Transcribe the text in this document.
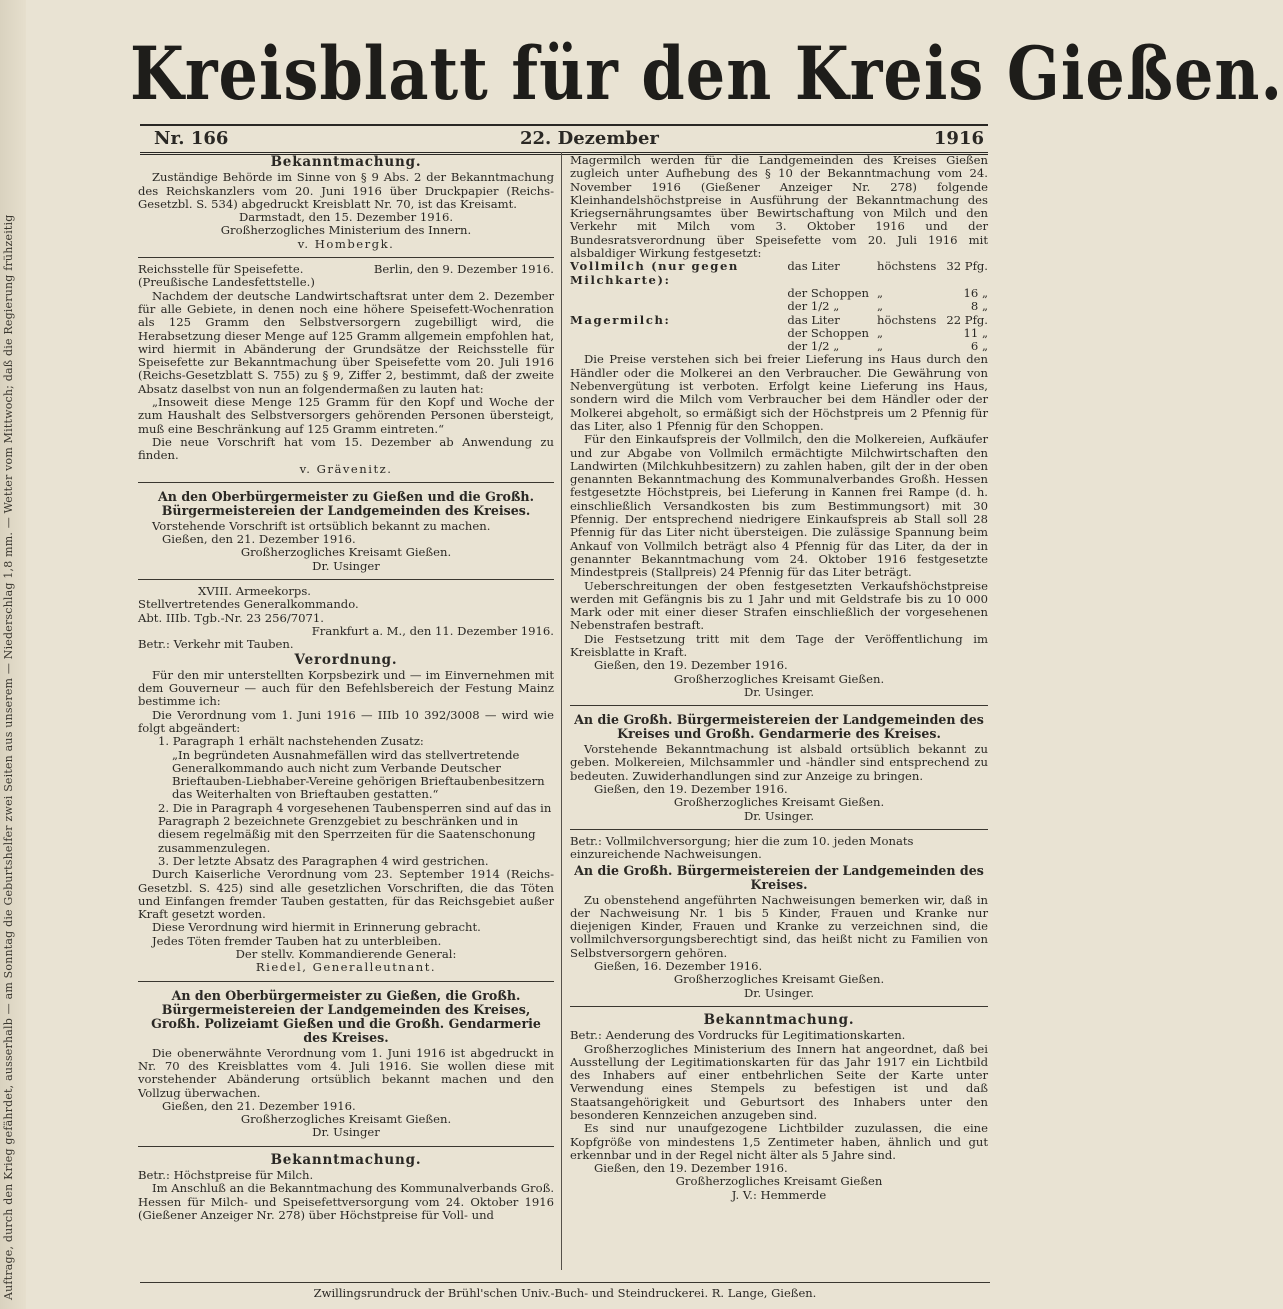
Auftrage, durch den Krieg gefährdet, ausserhalb — am Sonntag die Geburtshelfer zwei Seiten aus unserem — Niederschlag 1,8 mm. — Wetter vom Mittwoch; daß die Regierung frühzeitig
Kreisblatt für den Kreis Gießen.
Nr. 166	22. Dezember	1916
Bekanntmachung.

Zuständige Behörde im Sinne von § 9 Abs. 2 der Bekanntmachung des Reichskanzlers vom 20. Juni 1916 über Druckpapier (Reichs-Gesetzbl. S. 534) abgedruckt Kreisblatt Nr. 70, ist das Kreisamt.

Darmstadt, den 15. Dezember 1916.
Großherzogliches Ministerium des Innern.
v. Hombergk.
Reichsstelle für Speisefette.	Berlin, den 9. Dezember 1916.
(Preußische Landesfettstelle.)

Nachdem der deutsche Landwirtschaftsrat unter dem 2. Dezember für alle Gebiete, in denen noch eine höhere Speisefett-Wochenration als 125 Gramm den Selbstversorgern zugebilligt wird, die Herabsetzung dieser Menge auf 125 Gramm allgemein empfohlen hat, wird hiermit in Abänderung der Grundsätze der Reichsstelle für Speisefette zur Bekanntmachung über Speisefette vom 20. Juli 1916 (Reichs-Gesetzblatt S. 755) zu § 9, Ziffer 2, bestimmt, daß der zweite Absatz daselbst von nun an folgendermaßen zu lauten hat:

„Insoweit diese Menge 125 Gramm für den Kopf und Woche der zum Haushalt des Selbstversorgers gehörenden Personen übersteigt, muß eine Beschränkung auf 125 Gramm eintreten.“

Die neue Vorschrift hat vom 15. Dezember ab Anwendung zu finden.

v. Grävenitz.
An den Oberbürgermeister zu Gießen und die Großh. Bürgermeistereien der Landgemeinden des Kreises.

Vorstehende Vorschrift ist ortsüblich bekannt zu machen.

Gießen, den 21. Dezember 1916.
Großherzogliches Kreisamt Gießen.
Dr. Usinger
XVIII. Armeekorps.
Stellvertretendes Generalkommando.
Abt. IIIb. Tgb.-Nr. 23 256/7071.
Frankfurt a. M., den 11. Dezember 1916.
Betr.: Verkehr mit Tauben.
Verordnung.

Für den mir unterstellten Korpsbezirk und — im Einvernehmen mit dem Gouverneur — auch für den Befehlsbereich der Festung Mainz bestimme ich:

Die Verordnung vom 1. Juni 1916 — IIIb 10 392/3008 — wird wie folgt abgeändert:

1. Paragraph 1 erhält nachstehenden Zusatz:

„In begründeten Ausnahmefällen wird das stellvertretende Generalkommando auch nicht zum Verbande Deutscher Brieftauben-Liebhaber-Vereine gehörigen Brieftaubenbesitzern das Weiterhalten von Brieftauben gestatten.“

2. Die in Paragraph 4 vorgesehenen Taubensperren sind auf das in Paragraph 2 bezeichnete Grenzgebiet zu beschränken und in diesem regelmäßig mit den Sperrzeiten für die Saatenschonung zusammenzulegen.

3. Der letzte Absatz des Paragraphen 4 wird gestrichen.

Durch Kaiserliche Verordnung vom 23. September 1914 (Reichs-Gesetzbl. S. 425) sind alle gesetzlichen Vorschriften, die das Töten und Einfangen fremder Tauben gestatten, für das Reichsgebiet außer Kraft gesetzt worden.

Diese Verordnung wird hiermit in Erinnerung gebracht.

Jedes Töten fremder Tauben hat zu unterbleiben.

Der stellv. Kommandierende General:
Riedel, Generalleutnant.
An den Oberbürgermeister zu Gießen, die Großh. Bürgermeistereien der Landgemeinden des Kreises, Großh. Polizeiamt Gießen und die Großh. Gendarmerie des Kreises.

Die obenerwähnte Verordnung vom 1. Juni 1916 ist abgedruckt in Nr. 70 des Kreisblattes vom 4. Juli 1916. Sie wollen diese mit vorstehender Abänderung ortsüblich bekannt machen und den Vollzug überwachen.

Gießen, den 21. Dezember 1916.
Großherzogliches Kreisamt Gießen.
Dr. Usinger
Bekanntmachung.
Betr.: Höchstpreise für Milch.

Im Anschluß an die Bekanntmachung des Kommunalverbands Groß. Hessen für Milch- und Speisefettversorgung vom 24. Oktober 1916 (Gießener Anzeiger Nr. 278) über Höchstpreise für Voll- und

Magermilch werden für die Landgemeinden des Kreises Gießen zugleich unter Aufhebung des § 10 der Bekanntmachung vom 24. November 1916 (Gießener Anzeiger Nr. 278) folgende Kleinhandelshöchstpreise in Ausführung der Bekanntmachung des Kriegsernährungsamtes über Bewirtschaftung von Milch und den Verkehr mit Milch vom 3. Oktober 1916 und der Bundesratsverordnung über Speisefette vom 20. Juli 1916 mit alsbaldiger Wirkung festgesetzt:

Vollmilch (nur gegen Milchkarte):	das Liter	höchstens	32 Pfg.
	der Schoppen	„	16 „
	der 1/2 „	„	8 „
Magermilch:	das Liter	höchstens	22 Pfg.
	der Schoppen	„	11 „
	der 1/2 „	„	6 „

Die Preise verstehen sich bei freier Lieferung ins Haus durch den Händler oder die Molkerei an den Verbraucher. Die Gewährung von Nebenvergütung ist verboten. Erfolgt keine Lieferung ins Haus, sondern wird die Milch vom Verbraucher bei dem Händler oder der Molkerei abgeholt, so ermäßigt sich der Höchstpreis um 2 Pfennig für das Liter, also 1 Pfennig für den Schoppen.

Für den Einkaufspreis der Vollmilch, den die Molkereien, Aufkäufer und zur Abgabe von Vollmilch ermächtigte Milchwirtschaften den Landwirten (Milchkuhbesitzern) zu zahlen haben, gilt der in der oben genannten Bekanntmachung des Kommunalverbandes Großh. Hessen festgesetzte Höchstpreis, bei Lieferung in Kannen frei Rampe (d. h. einschließlich Versandkosten bis zum Bestimmungsort) mit 30 Pfennig. Der entsprechend niedrigere Einkaufspreis ab Stall soll 28 Pfennig für das Liter nicht übersteigen. Die zulässige Spannung beim Ankauf von Vollmilch beträgt also 4 Pfennig für das Liter, da der in genannter Bekanntmachung vom 24. Oktober 1916 festgesetzte Mindestpreis (Stallpreis) 24 Pfennig für das Liter beträgt.

Ueberschreitungen der oben festgesetzten Verkaufshöchstpreise werden mit Gefängnis bis zu 1 Jahr und mit Geldstrafe bis zu 10 000 Mark oder mit einer dieser Strafen einschließlich der vorgesehenen Nebenstrafen bestraft.

Die Festsetzung tritt mit dem Tage der Veröffentlichung im Kreisblatte in Kraft.

Gießen, den 19. Dezember 1916.
Großherzogliches Kreisamt Gießen.
Dr. Usinger.
An die Großh. Bürgermeistereien der Landgemeinden des Kreises und Großh. Gendarmerie des Kreises.

Vorstehende Bekanntmachung ist alsbald ortsüblich bekannt zu geben. Molkereien, Milchsammler und -händler sind entsprechend zu bedeuten. Zuwiderhandlungen sind zur Anzeige zu bringen.

Gießen, den 19. Dezember 1916.
Großherzogliches Kreisamt Gießen.
Dr. Usinger.
Betr.: Vollmilchversorgung; hier die zum 10. jeden Monats einzureichende Nachweisungen.
An die Großh. Bürgermeistereien der Landgemeinden des Kreises.

Zu obenstehend angeführten Nachweisungen bemerken wir, daß in der Nachweisung Nr. 1 bis 5 Kinder, Frauen und Kranke nur diejenigen Kinder, Frauen und Kranke zu verzeichnen sind, die vollmilchversorgungsberechtigt sind, das heißt nicht zu Familien von Selbstversorgern gehören.

Gießen, 16. Dezember 1916.
Großherzogliches Kreisamt Gießen.
Dr. Usinger.
Bekanntmachung.
Betr.: Aenderung des Vordrucks für Legitimationskarten.

Großherzogliches Ministerium des Innern hat angeordnet, daß bei Ausstellung der Legitimationskarten für das Jahr 1917 ein Lichtbild des Inhabers auf einer entbehrlichen Seite der Karte unter Verwendung eines Stempels zu befestigen ist und daß Staatsangehörigkeit und Geburtsort des Inhabers unter den besonderen Kennzeichen anzugeben sind.

Es sind nur unaufgezogene Lichtbilder zuzulassen, die eine Kopfgröße von mindestens 1,5 Zentimeter haben, ähnlich und gut erkennbar und in der Regel nicht älter als 5 Jahre sind.

Gießen, den 19. Dezember 1916.
Großherzogliches Kreisamt Gießen
J. V.: Hemmerde
Zwillingsrundruck der Brühl'schen Univ.-Buch- und Steindruckerei. R. Lange, Gießen.
